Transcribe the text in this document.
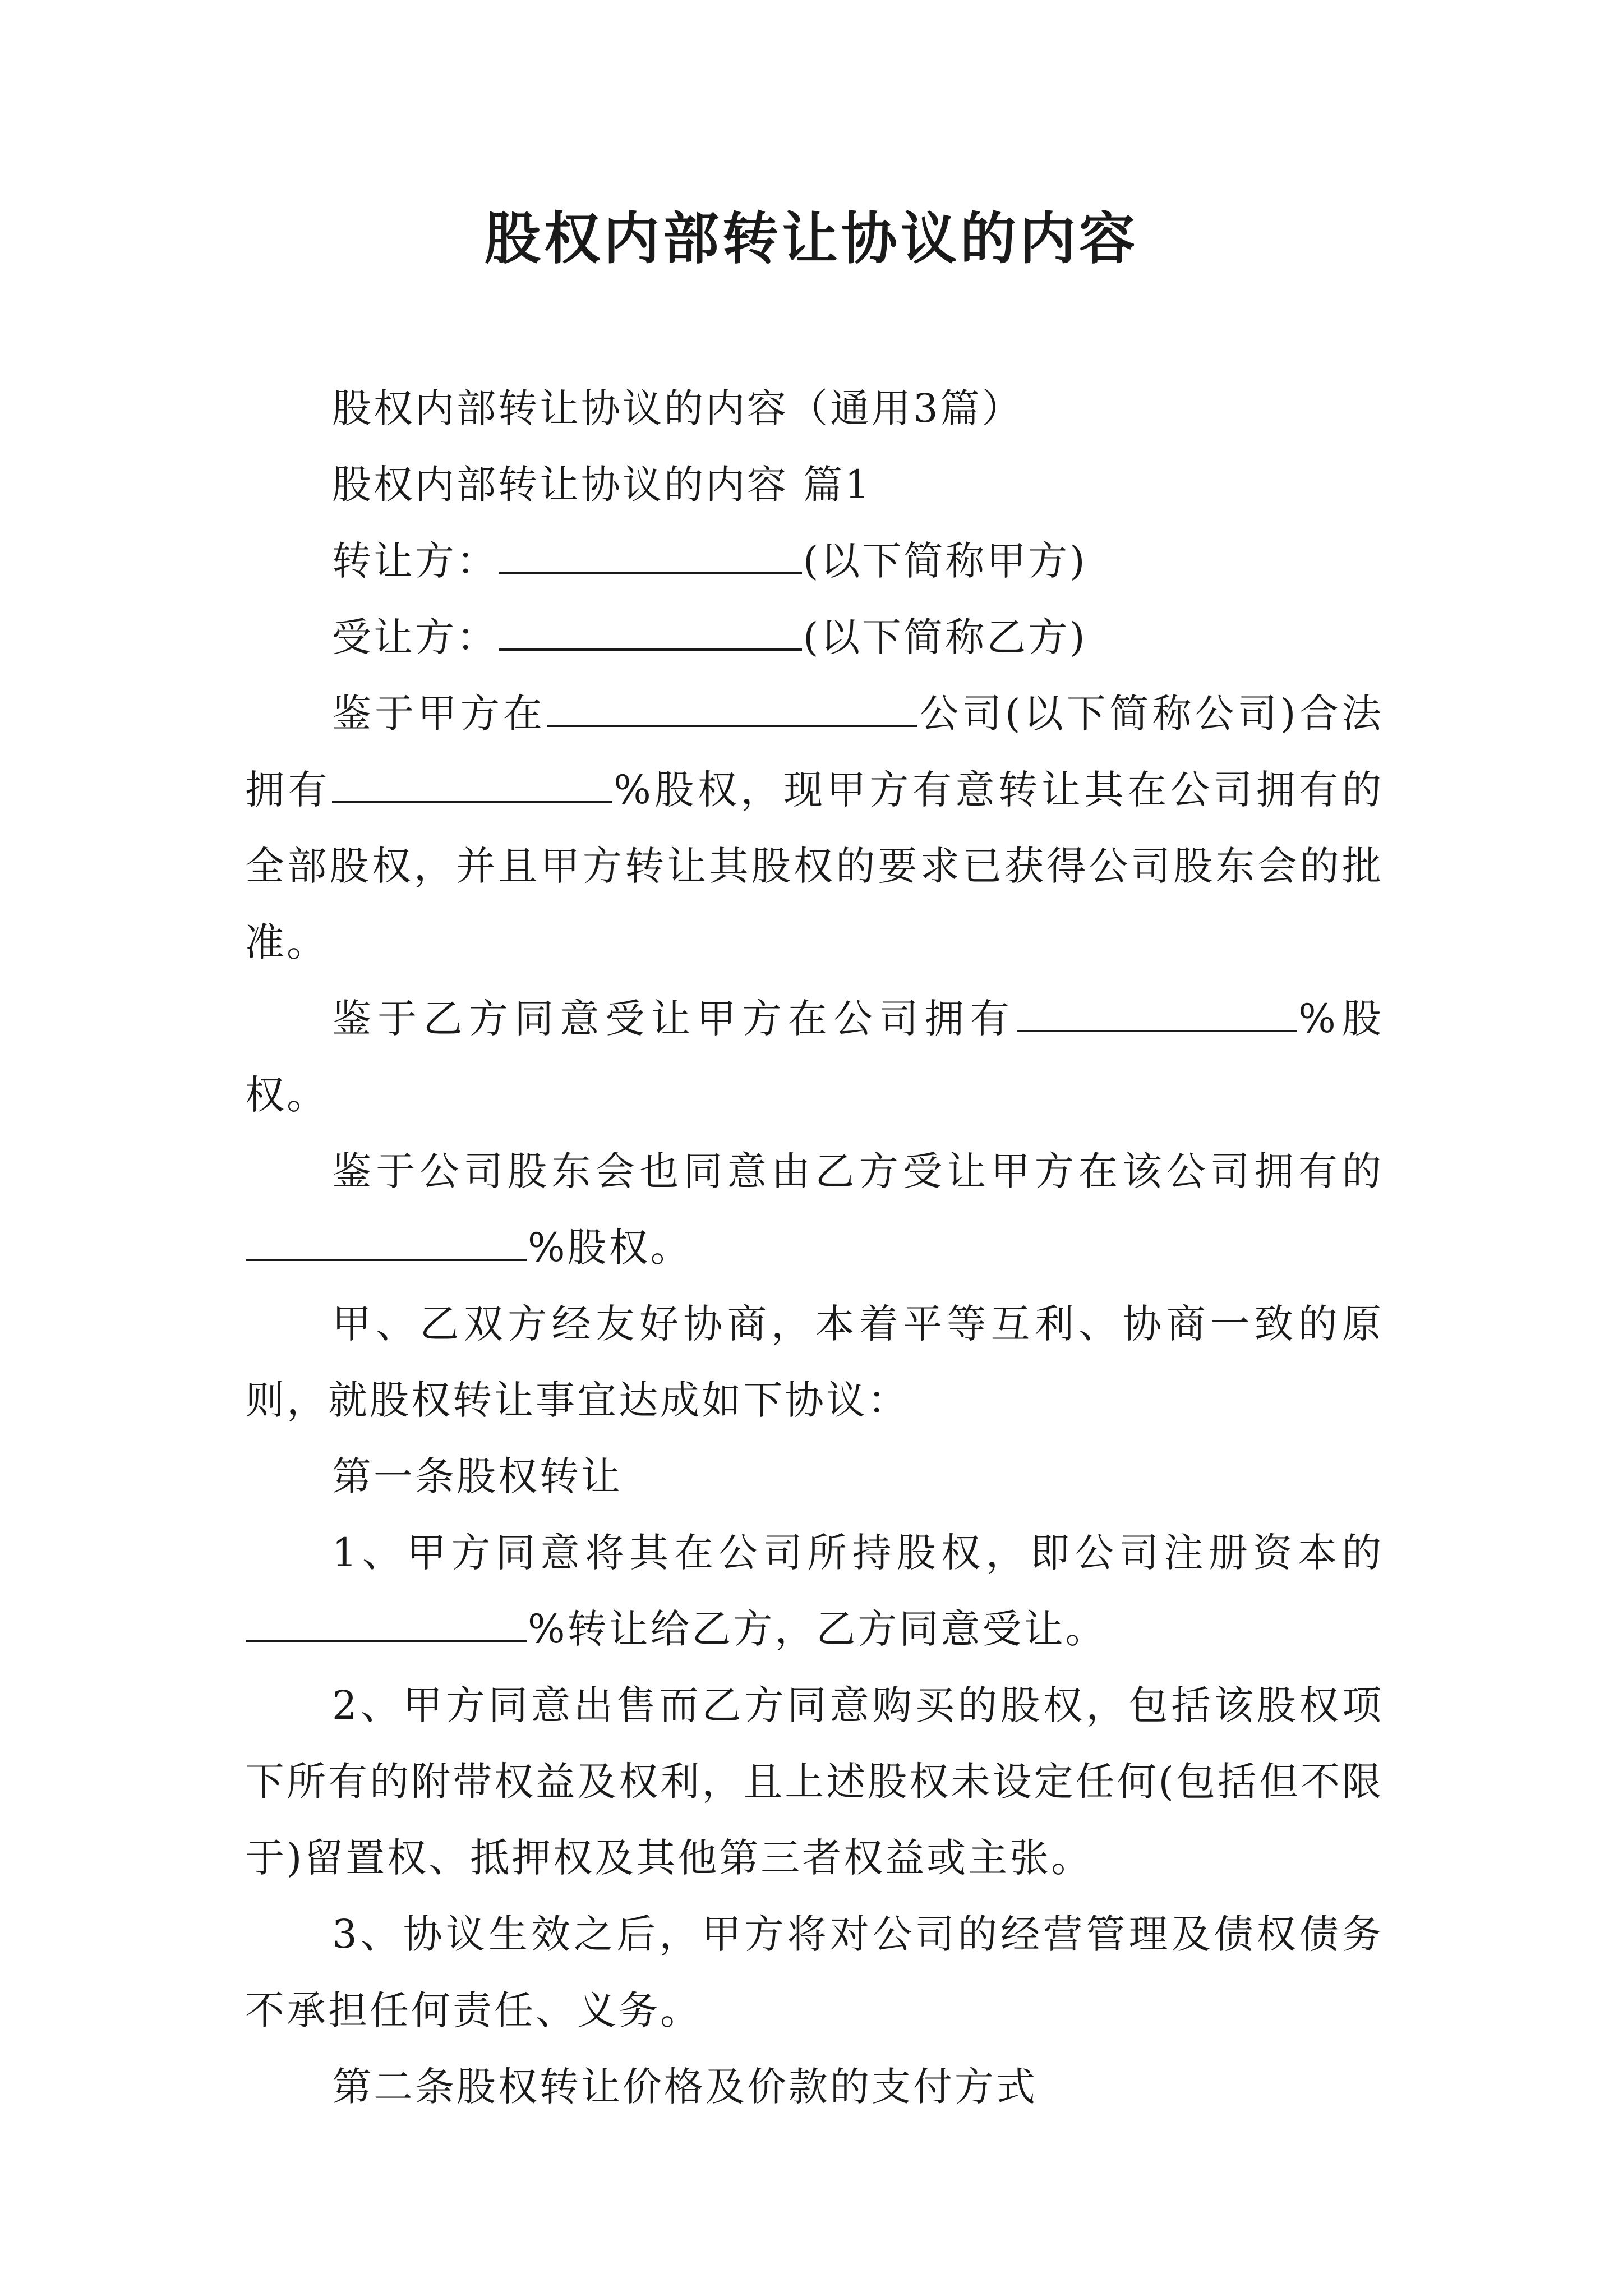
股权内部转让协议的内容

股权内部转让协议的内容（通用3篇）

股权内部转让协议的内容 篇1

转让方：	(以下简称甲方)

受让方：	(以下简称乙方)

鉴于甲方在	公司(以下简称公司)合法拥有	%股权，现甲方有意转让其在公司拥有的全部股权，并且甲方转让其股权的要求已获得公司股东会的批准。

鉴于乙方同意受让甲方在公司拥有	%股权。

鉴于公司股东会也同意由乙方受让甲方在该公司拥有的%股权。

甲、乙双方经友好协商，本着平等互利、协商一致的原则，就股权转让事宜达成如下协议：

第一条股权转让

1、甲方同意将其在公司所持股权，即公司注册资本的%转让给乙方，乙方同意受让。

2、甲方同意出售而乙方同意购买的股权，包括该股权项下所有的附带权益及权利，且上述股权未设定任何(包括但不限于)留置权、抵押权及其他第三者权益或主张。

3、协议生效之后，甲方将对公司的经营管理及债权债务不承担任何责任、义务。

第二条股权转让价格及价款的支付方式
